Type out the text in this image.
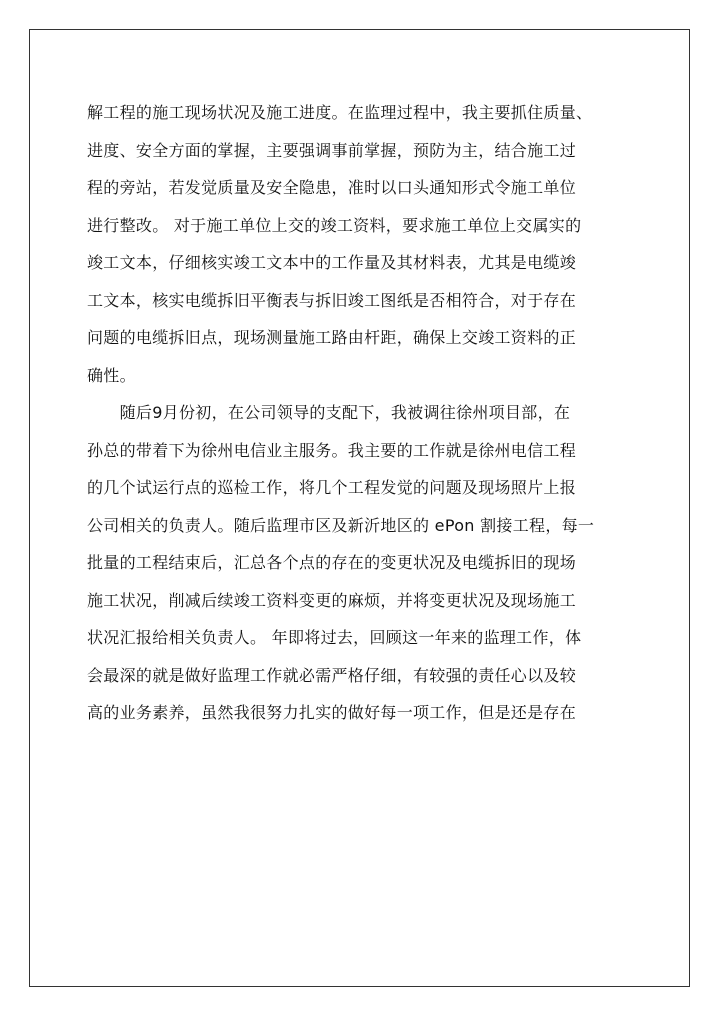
解工程的施工现场状况及施工进度。在监理过程中，我主要抓住质量、
进度、安全方面的掌握，主要强调事前掌握，预防为主，结合施工过
程的旁站，若发觉质量及安全隐患，准时以口头通知形式令施工单位
进行整改。 对于施工单位上交的竣工资料，要求施工单位上交属实的
竣工文本，仔细核实竣工文本中的工作量及其材料表，尤其是电缆竣
工文本，核实电缆拆旧平衡表与拆旧竣工图纸是否相符合，对于存在
问题的电缆拆旧点，现场测量施工路由杆距，确保上交竣工资料的正
确性。
　　随后9月份初，在公司领导的支配下，我被调往徐州项目部，在
孙总的带着下为徐州电信业主服务。我主要的工作就是徐州电信工程
的几个试运行点的巡检工作，将几个工程发觉的问题及现场照片上报
公司相关的负责人。随后监理市区及新沂地区的 ePon 割接工程，每一
批量的工程结束后，汇总各个点的存在的变更状况及电缆拆旧的现场
施工状况，削减后续竣工资料变更的麻烦，并将变更状况及现场施工
状况汇报给相关负责人。 年即将过去，回顾这一年来的监理工作，体
会最深的就是做好监理工作就必需严格仔细，有较强的责任心以及较
高的业务素养，虽然我很努力扎实的做好每一项工作，但是还是存在
